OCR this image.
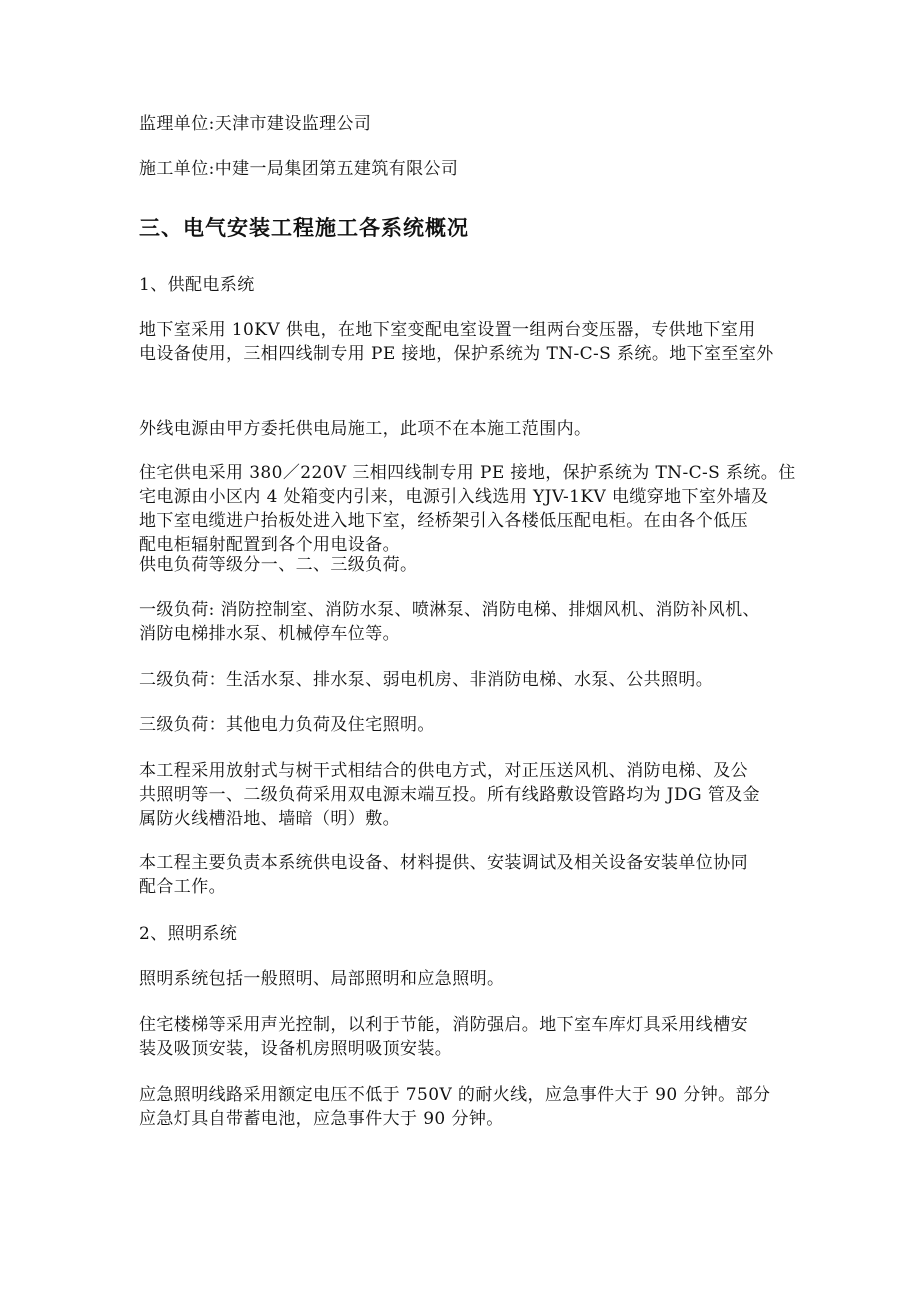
监理单位:天津市建设监理公司

施工单位:中建一局集团第五建筑有限公司

三、电气安装工程施工各系统概况

1、供配电系统

地下室采用 10KV 供电，在地下室变配电室设置一组两台变压器，专供地下室用
电设备使用，三相四线制专用 PE 接地，保护系统为 TN-C-S 系统。地下室至室外

外线电源由甲方委托供电局施工，此项不在本施工范围内。

住宅供电采用 380／220V 三相四线制专用 PE 接地，保护系统为 TN-C-S 系统。住
宅电源由小区内 4 处箱变内引来，电源引入线选用 YJV-1KV 电缆穿地下室外墙及
地下室电缆进户抬板处进入地下室，经桥架引入各楼低压配电柜。在由各个低压
配电柜辐射配置到各个用电设备。

供电负荷等级分一、二、三级负荷。

一级负荷: 消防控制室、消防水泵、喷淋泵、消防电梯、排烟风机、消防补风机、
消防电梯排水泵、机械停车位等。

二级负荷：生活水泵、排水泵、弱电机房、非消防电梯、水泵、公共照明。

三级负荷：其他电力负荷及住宅照明。

本工程采用放射式与树干式相结合的供电方式，对正压送风机、消防电梯、及公
共照明等一、二级负荷采用双电源末端互投。所有线路敷设管路均为 JDG 管及金
属防火线槽沿地、墙暗（明）敷。

本工程主要负责本系统供电设备、材料提供、安装调试及相关设备安装单位协同
配合工作。

2、照明系统

照明系统包括一般照明、局部照明和应急照明。

住宅楼梯等采用声光控制，以利于节能，消防强启。地下室车库灯具采用线槽安
装及吸顶安装，设备机房照明吸顶安装。

应急照明线路采用额定电压不低于 750V 的耐火线，应急事件大于 90 分钟。部分
应急灯具自带蓄电池，应急事件大于 90 分钟。
